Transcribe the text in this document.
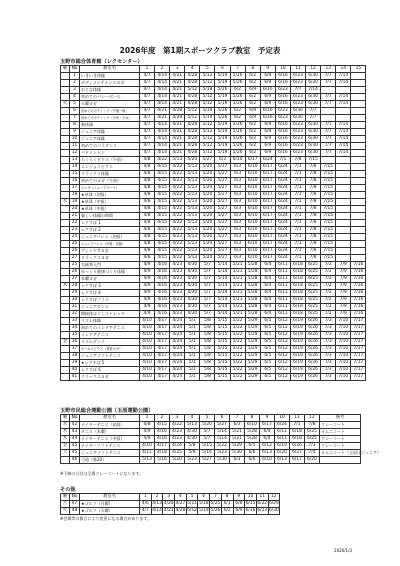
2026年度　第1期スポーツクラブ教室　予定表
玉野市総合体育館（レクセンター）
曜	No	教室名	1	2	3	4	5	6	7	8	9	10	11	12	13	14	15
	1	いきいき体操	4/7	4/14	4/21	4/28	5/12	5/19	5/26	6/2	6/9	6/16	6/23	6/30	7/7	7/14	
	2	ボディメンテナンスヨガ	4/7	4/14	4/21	4/28	5/12	5/19	5/26	6/2	6/9	6/16	6/23	6/30	7/7	7/14	
	3	おとな体操	4/7	4/14	4/21	5/12	5/19	5/26	6/2	6/9	6/16	6/23	7/7	7/14			
	4	初めてのバレーボール	4/7	4/14	4/21	4/28	5/12	5/19	5/26	6/2	6/9	6/16	6/23	6/30	7/7	7/14	
火	5	火曜ヨガ	4/7	4/14	4/21	4/28	5/12	5/19	5/26	6/2	6/9	6/16	6/23	6/30	7/7	7/14	
	6	初めてのボクシング（午後一般）	4/7	4/21	4/28	5/12	5/19	5/26	6/2	6/9	6/16	6/23	6/30	7/7			
	7	初めてのボクシング（少年・少女）	4/7	4/21	4/28	5/12	5/19	5/26	6/2	6/9	6/16	6/23	6/30	7/7			
	8	新体操	4/7	4/14	4/21	4/28	5/12	5/19	5/26	6/2	6/9	6/16	6/23	6/30	7/7	7/14	
	9	ジュニア体操	4/7	4/14	4/21	4/28	5/12	5/19	5/26	6/2	6/9	6/16	6/23	6/30	7/7	7/14	
	10	ジュニア体操	4/7	4/14	4/21	4/28	5/12	5/19	5/26	6/2	6/9	6/16	6/23	6/30	7/7	7/14	
	11	初めてのパラダンス	4/7	4/14	4/21	4/28	5/12	5/19	5/26	6/2	6/9	6/16	6/23	6/30	7/7	7/14	
	12	バドミントン	4/7	4/14	4/21	4/28	5/12	5/19	5/26	6/2	6/9	6/16	6/23	6/30	7/7	7/14	
	13	らくらくビクス（午前）	4/8	4/22	5/13	5/20	5/27	6/3	6/10	6/17	6/24	7/1	7/8	7/15			
	14	エンジョイビクス	4/8	4/15	4/22	5/13	5/20	5/27	6/3	6/10	6/17	6/24	7/1	7/8	7/15		
	15	リラックス体操	4/8	4/15	4/22	5/13	5/20	5/27	6/3	6/10	6/17	6/24	7/1	7/8	7/15		
	16	初めてのヨガ（午前）	4/8	4/15	4/22	5/13	5/20	5/27	6/3	6/10	6/17	6/24	7/1	7/8	7/15		
	17	ジャザ（ニューアリーナ）	4/8	4/15	4/22	5/13	5/20	5/27	6/3	6/10	6/17	6/24	7/1	7/8	7/15		
	18	★卓球（初級）	4/8	4/15	4/22	5/13	5/20	5/27	6/3	6/10	6/17	6/24	7/1	7/8	7/15		
水	19	★卓球（中級）	4/8	4/15	4/22	5/13	5/20	5/27	6/3	6/10	6/17	6/24	7/1	7/8	7/15		
	20	★卓球（中級）	4/8	4/15	4/22	5/13	5/20	5/27	6/3	6/10	6/17	6/24	7/1	7/8	7/15		
	21	楽しい体操の時間	4/8	4/15	4/22	5/13	5/20	5/27	6/3	6/10	6/17	6/24	7/1	7/8	7/15		
	22	レクすぽ 1	4/8	4/15	4/22	5/13	5/20	5/27	6/3	6/10	6/17	6/24	7/1	7/8	7/15		
	23	レクすぽ 2	4/8	4/15	4/22	5/13	5/20	5/27	6/3	6/10	6/17	6/24	7/1	7/8	7/15		
	24	ジュニアバレエ（初級）	4/8	4/15	4/22	5/13	5/20	5/27	6/3	6/10	6/17	6/24	7/1	7/8	7/15		
	25	ジュニアバレエ（中級・初級）	4/8	4/15	4/22	5/13	5/20	5/27	6/3	6/10	6/17	6/24	7/1	7/8	7/15		
	26	ヴィンヤサヨガ	4/8	4/15	4/22	5/13	5/20	5/27	6/3	6/10	6/17	6/24	7/1	7/8	7/15		
	27	リラックスヨガ	4/8	4/15	4/22	5/13	5/20	5/27	6/3	6/10	6/17	6/24	7/1	7/8	7/15		
	25	太極拳入門	4/9	4/16	4/23	4/30	5/7	5/14	5/21	5/28	6/4	6/11	6/18	6/25	7/2	7/9	7/16
	26	ゆっくり健康づくり体操	4/9	4/16	4/23	4/30	5/7	5/14	5/21	5/28	6/4	6/11	6/18	6/25	7/2	7/9	7/16
	27	木曜ヨガ	4/9	4/16	4/23	4/30	5/7	5/14	5/21	5/28	6/4	6/11	6/18	6/25	7/2	7/9	7/16
木	28	レクすぽ 3	4/9	4/16	4/23	4/30	5/7	5/14	5/21	5/28	6/4	6/11	6/18	6/25	7/2	7/9	7/16
	29	レクすぽ 4	4/9	4/16	4/23	4/30	5/7	5/14	5/21	5/28	6/4	6/11	6/18	6/25	7/2	7/9	7/16
	30	レクすぽプラス	4/9	4/16	4/23	4/30	5/7	5/14	5/21	5/28	6/4	6/11	6/18	6/25	7/2	7/9	7/16
	31	ジュニアダンス	4/9	4/16	4/23	4/30	5/7	5/14	5/21	5/28	6/4	6/11	6/18	6/25	7/2	7/9	7/16
	32	間接体ほぐしストレッチ	4/9	4/16	4/23	4/30	5/7	5/14	5/21	5/28	6/4	6/11	6/18	6/25	7/2	7/9	7/16
	33	リズム体操	4/10	4/17	4/24	5/1	5/8	5/15	5/22	5/29	6/5	6/12	6/19	6/26	7/3	7/10	7/17
	34	初めてのインドアテニス	4/10	4/17	4/24	5/1	5/8	5/15	5/22	5/29	6/5	6/12	6/19	6/26	7/3	7/10	7/17
	35	インドアテニス	4/10	4/17	4/24	5/1	5/8	5/15	5/22	5/29	6/5	6/12	6/19	6/26	7/3	7/10	7/17
金	36	リズムダンス	4/10	4/17	4/24	5/1	5/8	5/15	5/22	5/29	6/5	6/12	6/19	6/26	7/3	7/10	7/17
	37	ボールエビクス（背柱ヨガ）	4/10	4/17	4/24	5/1	5/8	5/15	5/22	5/29	6/5	6/12	6/19	6/26	7/3	7/10	7/17
	38	ジュニアソフトテニス	4/10	4/17	4/24	5/1	5/8	5/15	5/22	5/29	6/5	6/12	6/19	6/26	7/3	7/10	7/17
	39	★レクすぽ 5	4/10	4/17	4/24	5/1	5/8	5/15	5/22	5/29	6/5	6/12	6/19	6/26	7/3	7/10	7/17
	40	レクすぽ 6	4/10	4/17	4/24	5/1	5/8	5/15	5/22	5/29	6/5	6/12	6/19	6/26	7/3	7/10	7/17
	41	リラックスヨガ	4/10	4/17	4/24	5/1	5/8	5/15	5/22	5/29	6/5	6/12	6/19	6/26	7/3	7/10	7/17
玉野市民総合運動公園（玉原運動公園）
曜	No	教室名	1	2	3	4	5	6	7	8	9	10	11	12	備考
水	42	ナイターテニス（初級）	4/8	4/15	4/22	5/13	5/20	5/27	6/3	6/10	6/17	6/24	7/1	7/8	クレーコート
木	43	テニス（木曜）	4/9	4/16	4/23	4/30	5/7	5/14	5/21	5/28	6/4	6/11	6/18	6/25	オムニコート
木	44	ナイターテニス（中級）	4/9	4/16	4/23	4/30	5/7	5/14	5/21	5/28	6/4	6/11	6/18	6/25	クレーコート
金	45	ナイターソフトテニス	4/10	4/17	4/24	5/8	5/15	5/22	5/29	6/5	6/12	6/19	6/26	7/3	クレーコート
土	45	ジュニアソフトテニス	4/11	4/18	4/25	5/9	5/16	5/23	5/30	6/6	6/13	6/20	6/27	7/4	オムニコート（玉原はジュニア）
	46	弓道（県20）	5/13	5/16	5/20	5/23	5/27	5/30	6/3	6/6	6/10	6/13	6/17	6/20	
※下線の日付は全場クレーコートになります。
その他
曜	No	教室名	1	2	3	4	5	6	7	8	9	10	11	12
月	47	★ゴルフ（月曜）	4/6	4/13	4/20	4/27	5/11	5/18	5/25	6/1	6/8	6/15	6/22	6/29
火	48	★ゴルフ（火曜）	4/7	4/14	4/21	4/28	5/12	5/19	5/26	6/2	6/9	6/16	6/23	6/30
※会場等の都合により変更になる場合があります。
2026/1/3
